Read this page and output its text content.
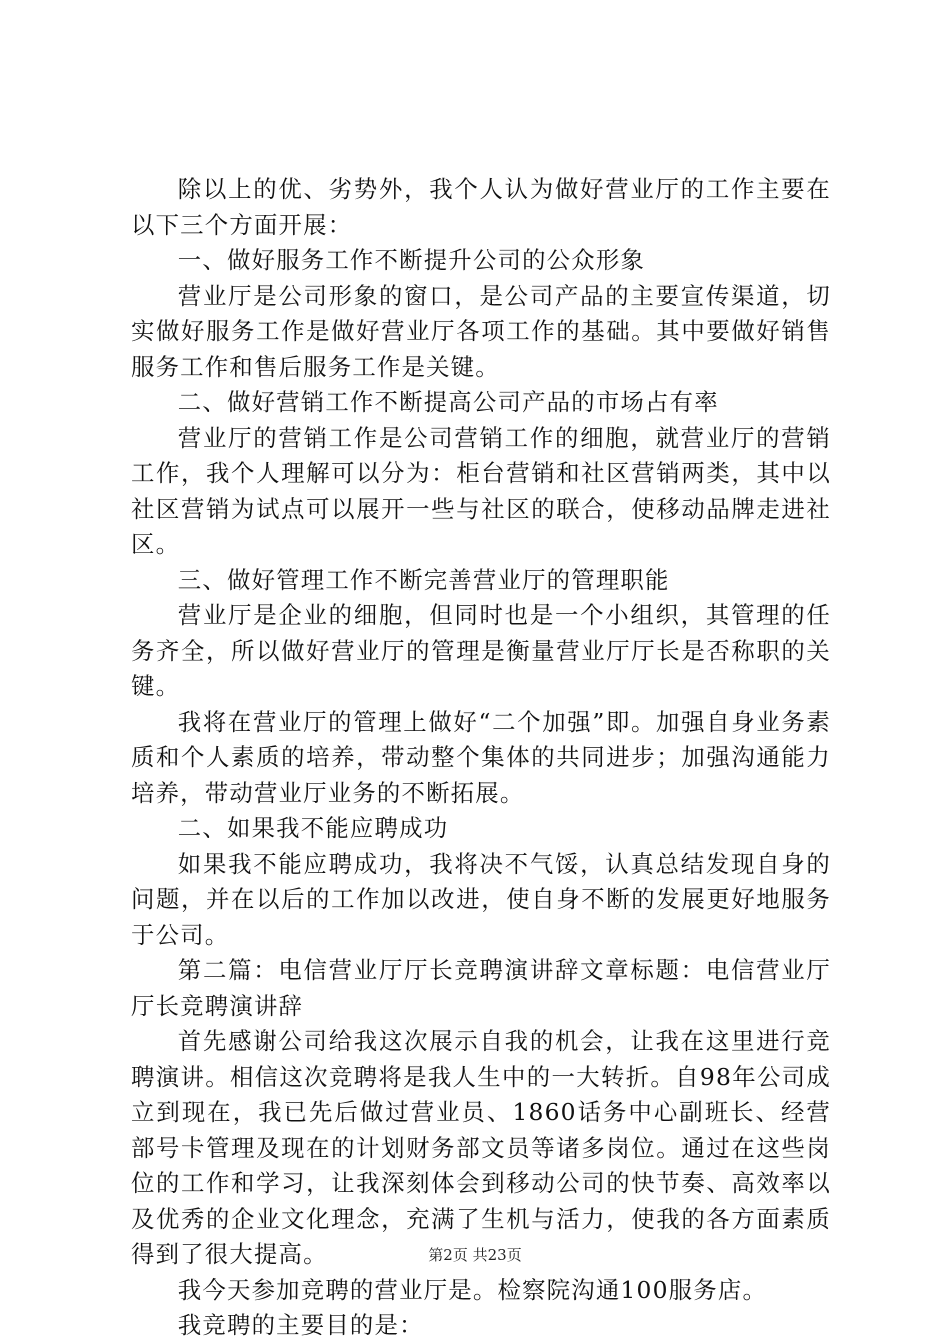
除以上的优、劣势外，我个人认为做好营业厅的工作主要在以下三个方面开展：

一、做好服务工作不断提升公司的公众形象

营业厅是公司形象的窗口，是公司产品的主要宣传渠道，切实做好服务工作是做好营业厅各项工作的基础。其中要做好销售服务工作和售后服务工作是关键。

二、做好营销工作不断提高公司产品的市场占有率

营业厅的营销工作是公司营销工作的细胞，就营业厅的营销工作，我个人理解可以分为：柜台营销和社区营销两类，其中以社区营销为试点可以展开一些与社区的联合，使移动品牌走进社区。

三、做好管理工作不断完善营业厅的管理职能

营业厅是企业的细胞，但同时也是一个小组织，其管理的任务齐全，所以做好营业厅的管理是衡量营业厅厅长是否称职的关键。

我将在营业厅的管理上做好“二个加强”即。加强自身业务素质和个人素质的培养，带动整个集体的共同进步；加强沟通能力培养，带动营业厅业务的不断拓展。

二、如果我不能应聘成功

如果我不能应聘成功，我将决不气馁，认真总结发现自身的问题，并在以后的工作加以改进，使自身不断的发展更好地服务于公司。

第二篇：电信营业厅厅长竞聘演讲辞文章标题：电信营业厅厅长竞聘演讲辞

首先感谢公司给我这次展示自我的机会，让我在这里进行竞聘演讲。相信这次竞聘将是我人生中的一大转折。自98年公司成立到现在，我已先后做过营业员、1860话务中心副班长、经营部号卡管理及现在的计划财务部文员等诸多岗位。通过在这些岗位的工作和学习，让我深刻体会到移动公司的快节奏、高效率以及优秀的企业文化理念，充满了生机与活力，使我的各方面素质得到了很大提高。

我今天参加竞聘的营业厅是。检察院沟通100服务店。

我竞聘的主要目的是：

第2页 共23页
